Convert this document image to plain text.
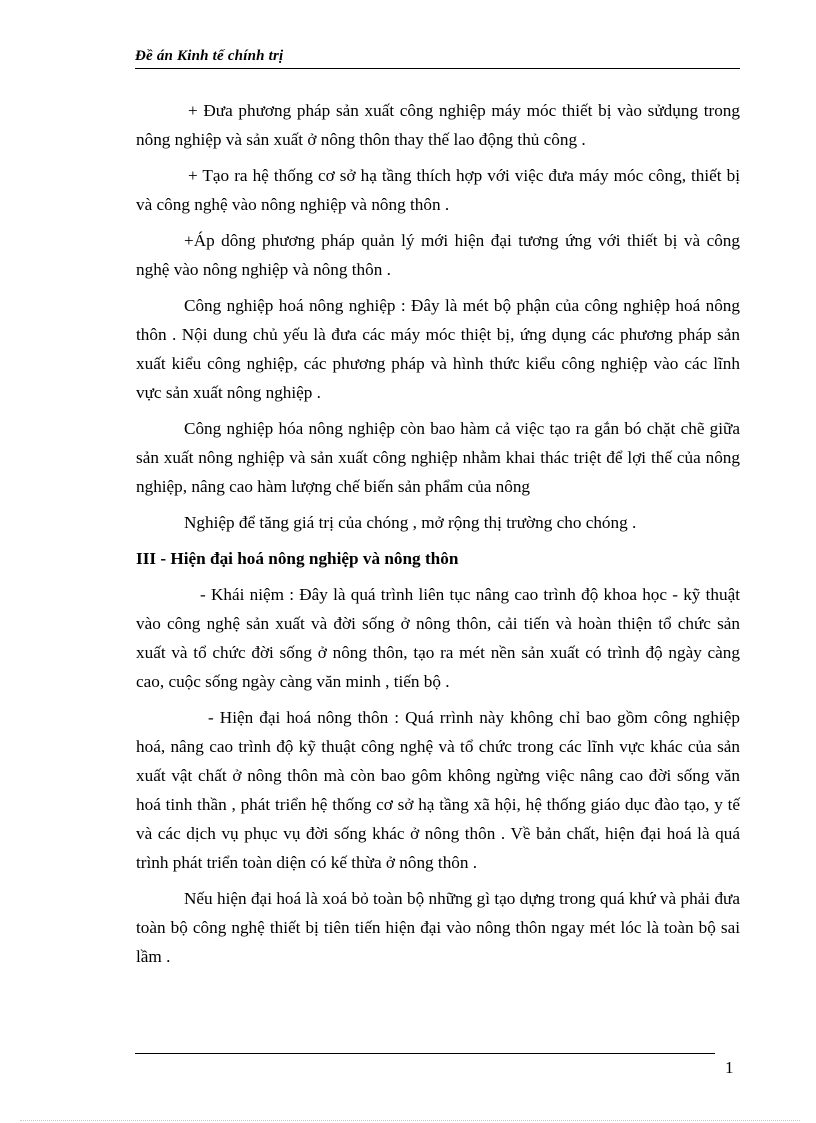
Đề án Kinh tế chính trị

+ Đưa phương pháp sản xuất công nghiệp máy móc thiết bị vào sửdụng trong nông nghiệp và sản xuất ở nông thôn thay thế lao động thủ công .

+ Tạo ra hệ thống cơ sở hạ tầng thích hợp với việc đưa máy móc công, thiết bị và công nghệ vào nông nghiệp và nông thôn .

+Áp dông phương pháp quản lý mới hiện đại tương ứng với thiết bị và công nghệ vào nông nghiệp và nông thôn .

Công nghiệp hoá nông nghiệp : Đây là mét bộ phận của công nghiệp hoá nông thôn . Nội dung chủ yếu là đưa các máy móc thiệt bị, ứng dụng các phương pháp sản xuất kiểu công nghiệp, các phương pháp và hình thức kiểu công nghiệp vào các lĩnh vực sản xuất nông nghiệp .

Công nghiệp hóa nông nghiệp còn bao hàm cả việc tạo ra gắn bó chặt chẽ giữa sản xuất nông nghiệp và sản xuất công nghiệp nhằm khai thác triệt để lợi thế của nông nghiệp, nâng cao hàm lượng chế biến sản phẩm của nông

Nghiệp để tăng giá trị của chóng , mở rộng thị trường cho chóng .

III - Hiện đại hoá nông nghiệp và nông thôn

- Khái niệm : Đây là quá trình liên tục nâng cao trình độ khoa học - kỹ thuật vào công nghệ sản xuất và đời sống ở nông thôn, cải tiến và hoàn thiện tổ chức sản xuất và tổ chức đời sống ở nông thôn, tạo ra mét nền sản xuất có trình độ ngày càng cao, cuộc sống ngày càng văn minh , tiến bộ .

- Hiện đại hoá nông thôn : Quá rrình này không chỉ bao gồm công nghiệp hoá, nâng cao trình độ kỹ thuật công nghệ và tổ chức trong các lĩnh vực khác của sản xuất vật chất ở nông thôn mà còn bao gôm không ngừng việc nâng cao đời sống văn hoá tinh thần , phát triển hệ thống cơ sở hạ tầng xã hội, hệ thống giáo dục đào tạo, y tế và các dịch vụ phục vụ đời sống khác ở nông thôn . Về bản chất, hiện đại hoá là quá trình phát triển toàn diện có kế thừa ở nông thôn .

Nếu hiện đại hoá là xoá bỏ toàn bộ những gì tạo dựng trong quá khứ và phải đưa toàn bộ công nghệ thiết bị tiên tiến hiện đại vào nông thôn ngay mét lóc là toàn bộ sai lầm .

1
